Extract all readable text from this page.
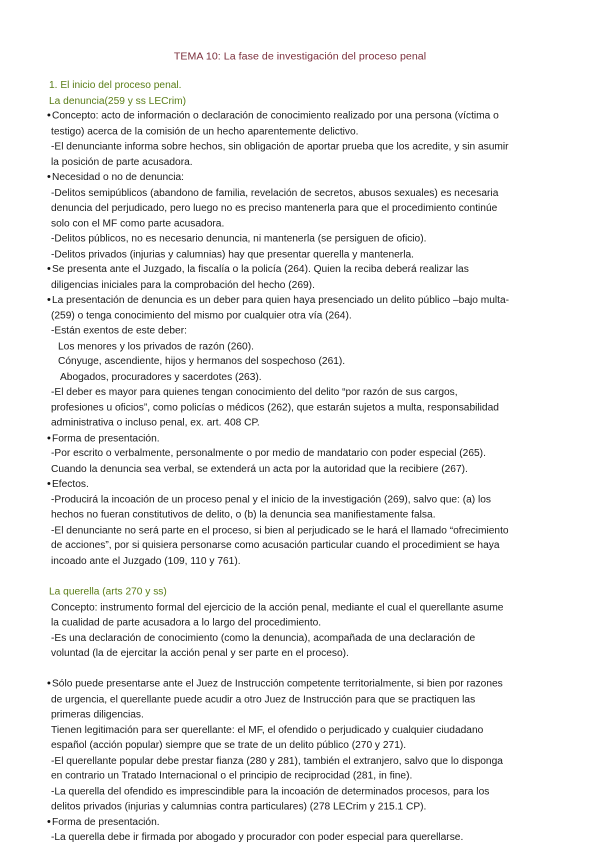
TEMA 10: La fase de investigación del proceso penal
1. El inicio del proceso penal.
La denuncia(259 y ss LECrim)
•Concepto: acto de información o declaración de conocimiento realizado por una persona (víctima o
testigo) acerca de la comisión de un hecho aparentemente delictivo.
-El denunciante informa sobre hechos, sin obligación de aportar prueba que los acredite, y sin asumir
la posición de parte acusadora.
•Necesidad o no de denuncia:
-Delitos semipúblicos (abandono de familia, revelación de secretos, abusos sexuales) es necesaria
denuncia del perjudicado, pero luego no es preciso mantenerla para que el procedimiento continúe
solo con el MF como parte acusadora.
-Delitos públicos, no es necesario denuncia, ni mantenerla (se persiguen de oficio).
-Delitos privados (injurias y calumnias) hay que presentar querella y mantenerla.
•Se presenta ante el Juzgado, la fiscalía o la policía (264). Quien la reciba deberá realizar las
diligencias iniciales para la comprobación del hecho (269).
•La presentación de denuncia es un deber para quien haya presenciado un delito público –bajo multa-
(259) o tenga conocimiento del mismo por cualquier otra vía (264).
-Están exentos de este deber:
Los menores y los privados de razón (260).
Cónyuge, ascendiente, hijos y hermanos del sospechoso (261).
Abogados, procuradores y sacerdotes (263).
-El deber es mayor para quienes tengan conocimiento del delito “por razón de sus cargos,
profesiones u oficios”, como policías o médicos (262), que estarán sujetos a multa, responsabilidad
administrativa o incluso penal, ex. art. 408 CP.
•Forma de presentación.
-Por escrito o verbalmente, personalmente o por medio de mandatario con poder especial (265).
Cuando la denuncia sea verbal, se extenderá un acta por la autoridad que la recibiere (267).
•Efectos.
-Producirá la incoación de un proceso penal y el inicio de la investigación (269), salvo que: (a) los
hechos no fueran constitutivos de delito, o (b) la denuncia sea manifiestamente falsa.
-El denunciante no será parte en el proceso, si bien al perjudicado se le hará el llamado “ofrecimiento
de acciones”, por si quisiera personarse como acusación particular cuando el procedimient se haya
incoado ante el Juzgado (109, 110 y 761).
La querella (arts 270 y ss)
Concepto: instrumento formal del ejercicio de la acción penal, mediante el cual el querellante asume
la cualidad de parte acusadora a lo largo del procedimiento.
-Es una declaración de conocimiento (como la denuncia), acompañada de una declaración de
voluntad (la de ejercitar la acción penal y ser parte en el proceso).
•Sólo puede presentarse ante el Juez de Instrucción competente territorialmente, si bien por razones
de urgencia, el querellante puede acudir a otro Juez de Instrucción para que se practiquen las
primeras diligencias.
Tienen legitimación para ser querellante: el MF, el ofendido o perjudicado y cualquier ciudadano
español (acción popular) siempre que se trate de un delito público (270 y 271).
-El querellante popular debe prestar fianza (280 y 281), también el extranjero, salvo que lo disponga
en contrario un Tratado Internacional o el principio de reciprocidad (281, in fine).
-La querella del ofendido es imprescindible para la incoación de determinados procesos, para los
delitos privados (injurias y calumnias contra particulares) (278 LECrim y 215.1 CP).
•Forma de presentación.
-La querella debe ir firmada por abogado y procurador con poder especial para querellarse.
